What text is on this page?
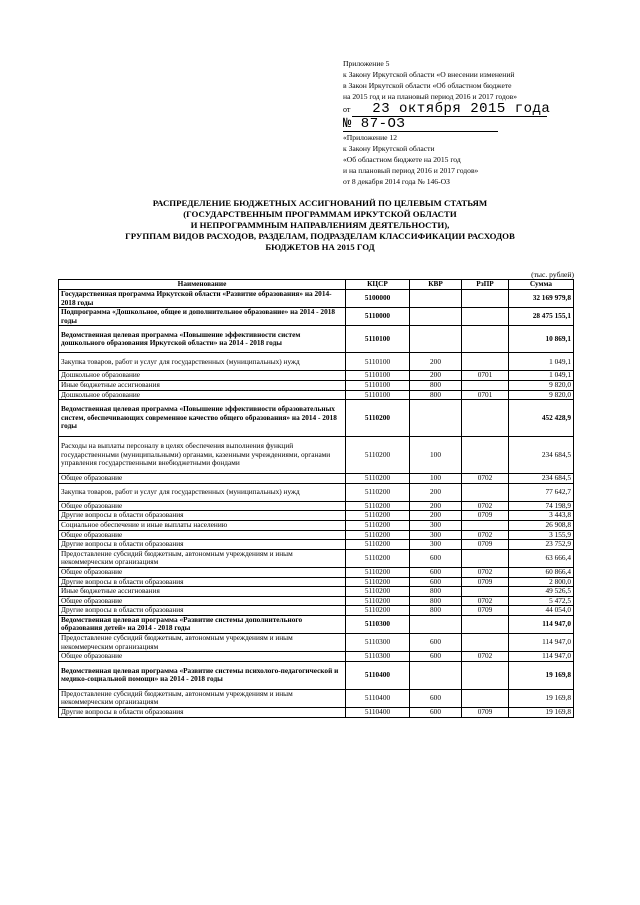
Приложение 5
к Закону Иркутской области «О внесении изменений
в Закон Иркутской области «Об областном бюджете
на 2015 год и на плановый период 2016 и 2017 годов»
от 23 октября 2015 года
№ 87-ОЗ
«Приложение 12
к Закону Иркутской области
«Об областном бюджете на 2015 год
и на плановый период 2016 и 2017 годов»
от 8 декабря 2014 года № 146-ОЗ
РАСПРЕДЕЛЕНИЕ БЮДЖЕТНЫХ АССИГНОВАНИЙ ПО ЦЕЛЕВЫМ СТАТЬЯМ
(ГОСУДАРСТВЕННЫМ ПРОГРАММАМ ИРКУТСКОЙ ОБЛАСТИ
И НЕПРОГРАММНЫМ НАПРАВЛЕНИЯМ ДЕЯТЕЛЬНОСТИ),
ГРУППАМ ВИДОВ РАСХОДОВ, РАЗДЕЛАМ, ПОДРАЗДЕЛАМ КЛАССИФИКАЦИИ РАСХОДОВ
БЮДЖЕТОВ НА 2015 ГОД
(тыс. рублей)
Наименование	КЦСР	КВР	РзПР	Сумма
Государственная программа Иркутской области «Развитие образования» на 2014-2018 годы	5100000			32 169 979,8
Подпрограмма «Дошкольное, общее и дополнительное образование» на 2014 - 2018 годы	5110000			28 475 155,1
Ведомственная целевая программа «Повышение эффективности систем дошкольного образования Иркутской области» на 2014 - 2018 годы	5110100			10 869,1
Закупка товаров, работ и услуг для государственных (муниципальных) нужд	5110100	200		1 049,1
Дошкольное образование	5110100	200	0701	1 049,1
Иные бюджетные ассигнования	5110100	800		9 820,0
Дошкольное образование	5110100	800	0701	9 820,0
Ведомственная целевая программа «Повышение эффективности образовательных систем, обеспечивающих современное качество общего образования» на 2014 - 2018 годы	5110200			452 428,9
Расходы на выплаты персоналу в целях обеспечения выполнения функций государственными (муниципальными) органами, казенными учреждениями, органами управления государственными внебюджетными фондами	5110200	100		234 684,5
Общее образование	5110200	100	0702	234 684,5
Закупка товаров, работ и услуг для государственных (муниципальных) нужд	5110200	200		77 642,7
Общее образование	5110200	200	0702	74 198,9
Другие вопросы в области образования	5110200	200	0709	3 443,8
Социальное обеспечение и иные выплаты населению	5110200	300		26 908,8
Общее образование	5110200	300	0702	3 155,9
Другие вопросы в области образования	5110200	300	0709	23 752,9
Предоставление субсидий бюджетным, автономным учреждениям и иным некоммерческим организациям	5110200	600		63 666,4
Общее образование	5110200	600	0702	60 866,4
Другие вопросы в области образования	5110200	600	0709	2 800,0
Иные бюджетные ассигнования	5110200	800		49 526,5
Общее образование	5110200	800	0702	5 472,5
Другие вопросы в области образования	5110200	800	0709	44 054,0
Ведомственная целевая программа «Развитие системы дополнительного образования детей» на 2014 - 2018 годы	5110300			114 947,0
Предоставление субсидий бюджетным, автономным учреждениям и иным некоммерческим организациям	5110300	600		114 947,0
Общее образование	5110300	600	0702	114 947,0
Ведомственная целевая программа «Развитие системы психолого-педагогической и медико-социальной помощи» на 2014 - 2018 годы	5110400			19 169,8
Предоставление субсидий бюджетным, автономным учреждениям и иным некоммерческим организациям	5110400	600		19 169,8
Другие вопросы в области образования	5110400	600	0709	19 169,8
